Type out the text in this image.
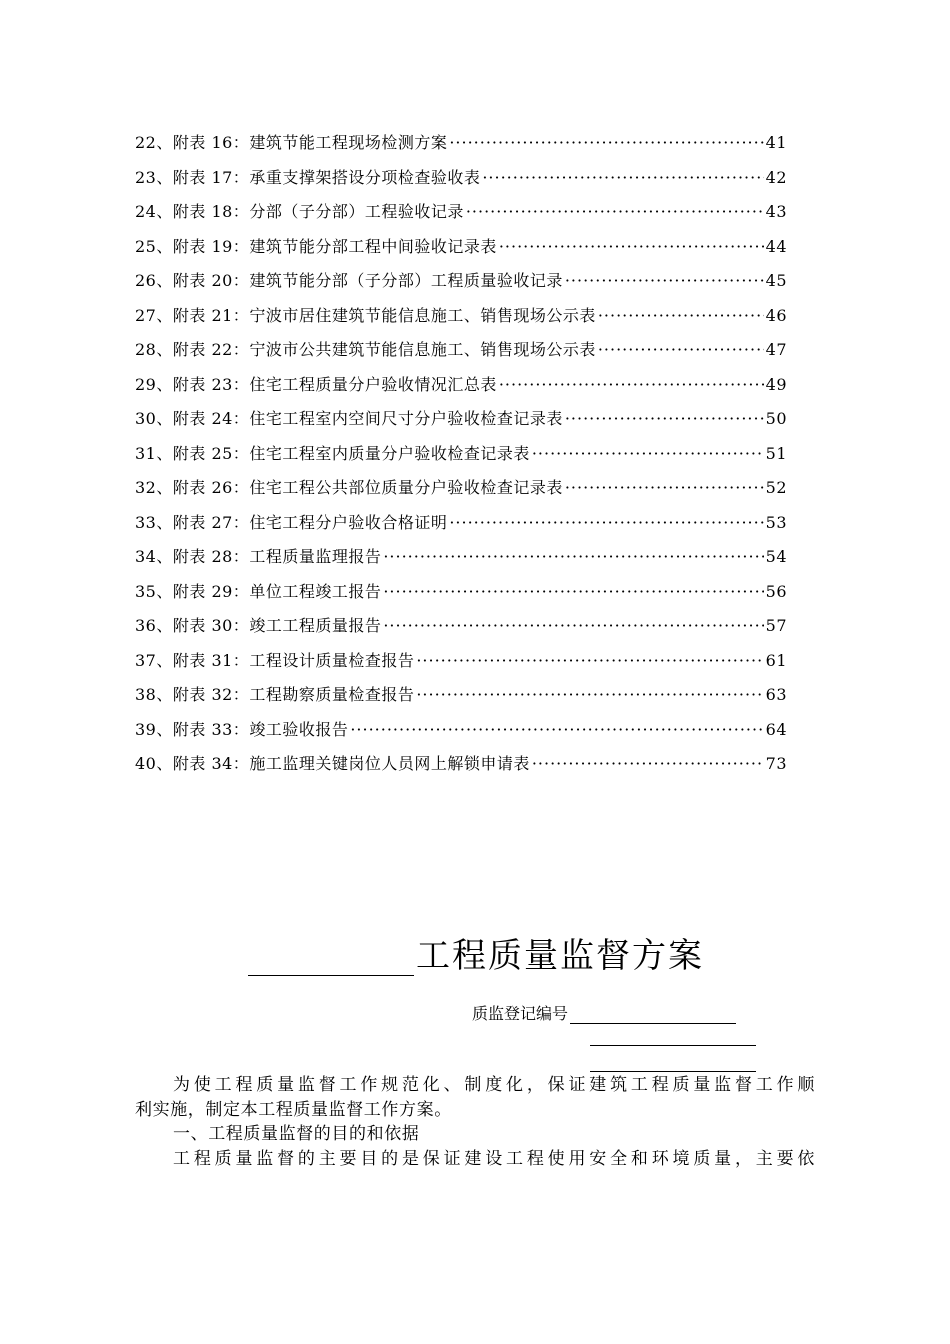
22、附表 16： 建筑节能工程现场检测方案 ·····	41
23、附表 17： 承重支撑架搭设分项检查验收表 ·····	42
24、附表 18： 分部（子分部）工程验收记录 ·····	43
25、附表 19： 建筑节能分部工程中间验收记录表 ·····	44
26、附表 20： 建筑节能分部（子分部）工程质量验收记录 ·····	45
27、附表 21： 宁波市居住建筑节能信息施工、销售现场公示表 ·····	46
28、附表 22： 宁波市公共建筑节能信息施工、销售现场公示表 ·····	47
29、附表 23： 住宅工程质量分户验收情况汇总表 ·····	49
30、附表 24： 住宅工程室内空间尺寸分户验收检查记录表 ·····	50
31、附表 25： 住宅工程室内质量分户验收检查记录表 ·····	51
32、附表 26： 住宅工程公共部位质量分户验收检查记录表 ·····	52
33、附表 27： 住宅工程分户验收合格证明 ·····	53
34、附表 28： 工程质量监理报告 ·····	54
35、附表 29： 单位工程竣工报告 ·····	56
36、附表 30： 竣工工程质量报告 ·····	57
37、附表 31： 工程设计质量检查报告 ·····	61
38、附表 32： 工程勘察质量检查报告 ·····	63
39、附表 33： 竣工验收报告 ·····	64
40、附表 34： 施工监理关键岗位人员网上解锁申请表 ·····	73
工程质量监督方案
质监登记编号

为使工程质量监督工作规范化、制度化，保证建筑工程质量监督工作顺

利实施，制定本工程质量监督工作方案。

一、工程质量监督的目的和依据

工程质量监督的主要目的是保证建设工程使用安全和环境质量，主要依
